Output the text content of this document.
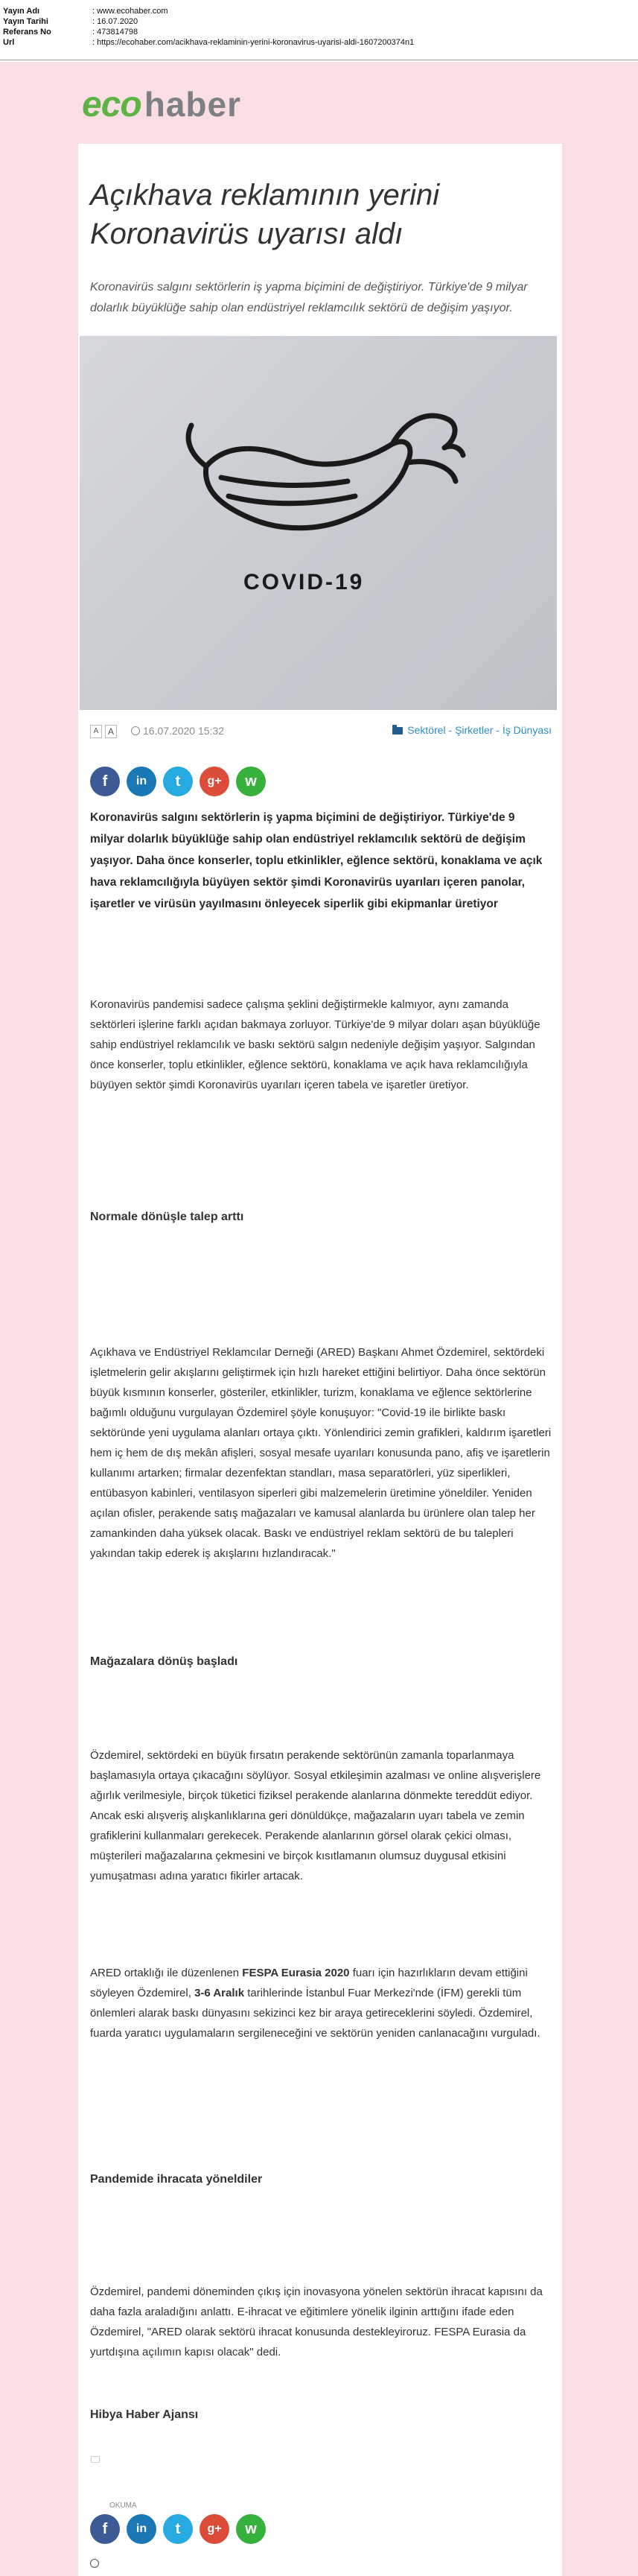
Yayın Adı	: www.ecohaber.com
Yayın Tarihi	: 16.07.2020
Referans No	: 473814798
Url	: https://ecohaber.com/acikhava-reklaminin-yerini-koronavirus-uyarisi-aldi-1607200374n1
eco haber
Açıkhava reklamının yerini Koronavirüs uyarısı aldı
Koronavirüs salgını sektörlerin iş yapma biçimini de değiştiriyor. Türkiye'de 9 milyar dolarlık büyüklüğe sahip olan endüstriyel reklamcılık sektörü de değişim yaşıyor.
COVID-19
A	A	16.07.2020 15:32	Sektörel - Şirketler - İş Dünyası
f in t g+ w
Koronavirüs salgını sektörlerin iş yapma biçimini de değiştiriyor. Türkiye'de 9 milyar dolarlık büyüklüğe sahip olan endüstriyel reklamcılık sektörü de değişim yaşıyor. Daha önce konserler, toplu etkinlikler, eğlence sektörü, konaklama ve açık hava reklamcılığıyla büyüyen sektör şimdi Koronavirüs uyarıları içeren panolar, işaretler ve virüsün yayılmasını önleyecek siperlik gibi ekipmanlar üretiyor
Koronavirüs pandemisi sadece çalışma şeklini değiştirmekle kalmıyor, aynı zamanda sektörleri işlerine farklı açıdan bakmaya zorluyor. Türkiye'de 9 milyar doları aşan büyüklüğe sahip endüstriyel reklamcılık ve baskı sektörü salgın nedeniyle değişim yaşıyor. Salgından önce konserler, toplu etkinlikler, eğlence sektörü, konaklama ve açık hava reklamcılığıyla büyüyen sektör şimdi Koronavirüs uyarıları içeren tabela ve işaretler üretiyor.
Normale dönüşle talep arttı
Açıkhava ve Endüstriyel Reklamcılar Derneği (ARED) Başkanı Ahmet Özdemirel, sektördeki işletmelerin gelir akışlarını geliştirmek için hızlı hareket ettiğini belirtiyor. Daha önce sektörün büyük kısmının konserler, gösteriler, etkinlikler, turizm, konaklama ve eğlence sektörlerine bağımlı olduğunu vurgulayan Özdemirel şöyle konuşuyor: "Covid-19 ile birlikte baskı sektöründe yeni uygulama alanları ortaya çıktı. Yönlendirici zemin grafikleri, kaldırım işaretleri hem iç hem de dış mekân afişleri, sosyal mesafe uyarıları konusunda pano, afiş ve işaretlerin kullanımı artarken; firmalar dezenfektan standları, masa separatörleri, yüz siperlikleri, entübasyon kabinleri, ventilasyon siperleri gibi malzemelerin üretimine yöneldiler. Yeniden açılan ofisler, perakende satış mağazaları ve kamusal alanlarda bu ürünlere olan talep her zamankinden daha yüksek olacak. Baskı ve endüstriyel reklam sektörü de bu talepleri yakından takip ederek iş akışlarını hızlandıracak."
Mağazalara dönüş başladı
Özdemirel, sektördeki en büyük fırsatın perakende sektörünün zamanla toparlanmaya başlamasıyla ortaya çıkacağını söylüyor. Sosyal etkileşimin azalması ve online alışverişlere ağırlık verilmesiyle, birçok tüketici fiziksel perakende alanlarına dönmekte tereddüt ediyor. Ancak eski alışveriş alışkanlıklarına geri dönüldükçe, mağazaların uyarı tabela ve zemin grafiklerini kullanmaları gerekecek. Perakende alanlarının görsel olarak çekici olması, müşterileri mağazalarına çekmesini ve birçok kısıtlamanın olumsuz duygusal etkisini yumuşatması adına yaratıcı fikirler artacak.
ARED ortaklığı ile düzenlenen FESPA Eurasia 2020 fuarı için hazırlıkların devam ettiğini söyleyen Özdemirel, 3-6 Aralık tarihlerinde İstanbul Fuar Merkezi'nde (İFM) gerekli tüm önlemleri alarak baskı dünyasını sekizinci kez bir araya getireceklerini söyledi. Özdemirel, fuarda yaratıcı uygulamaların sergileneceğini ve sektörün yeniden canlanacağını vurguladı.
Pandemide ihracata yöneldiler
Özdemirel, pandemi döneminden çıkış için inovasyona yönelen sektörün ihracat kapısını da daha fazla araladığını anlattı. E-ihracat ve eğitimlere yönelik ilginin arttığını ifade eden Özdemirel, "ARED olarak sektörü ihracat konusunda destekleyiroruz. FESPA Eurasia da yurtdışına açılımın kapısı olacak" dedi.
Hibya Haber Ajansı
OKUMA
f in t g+ w
